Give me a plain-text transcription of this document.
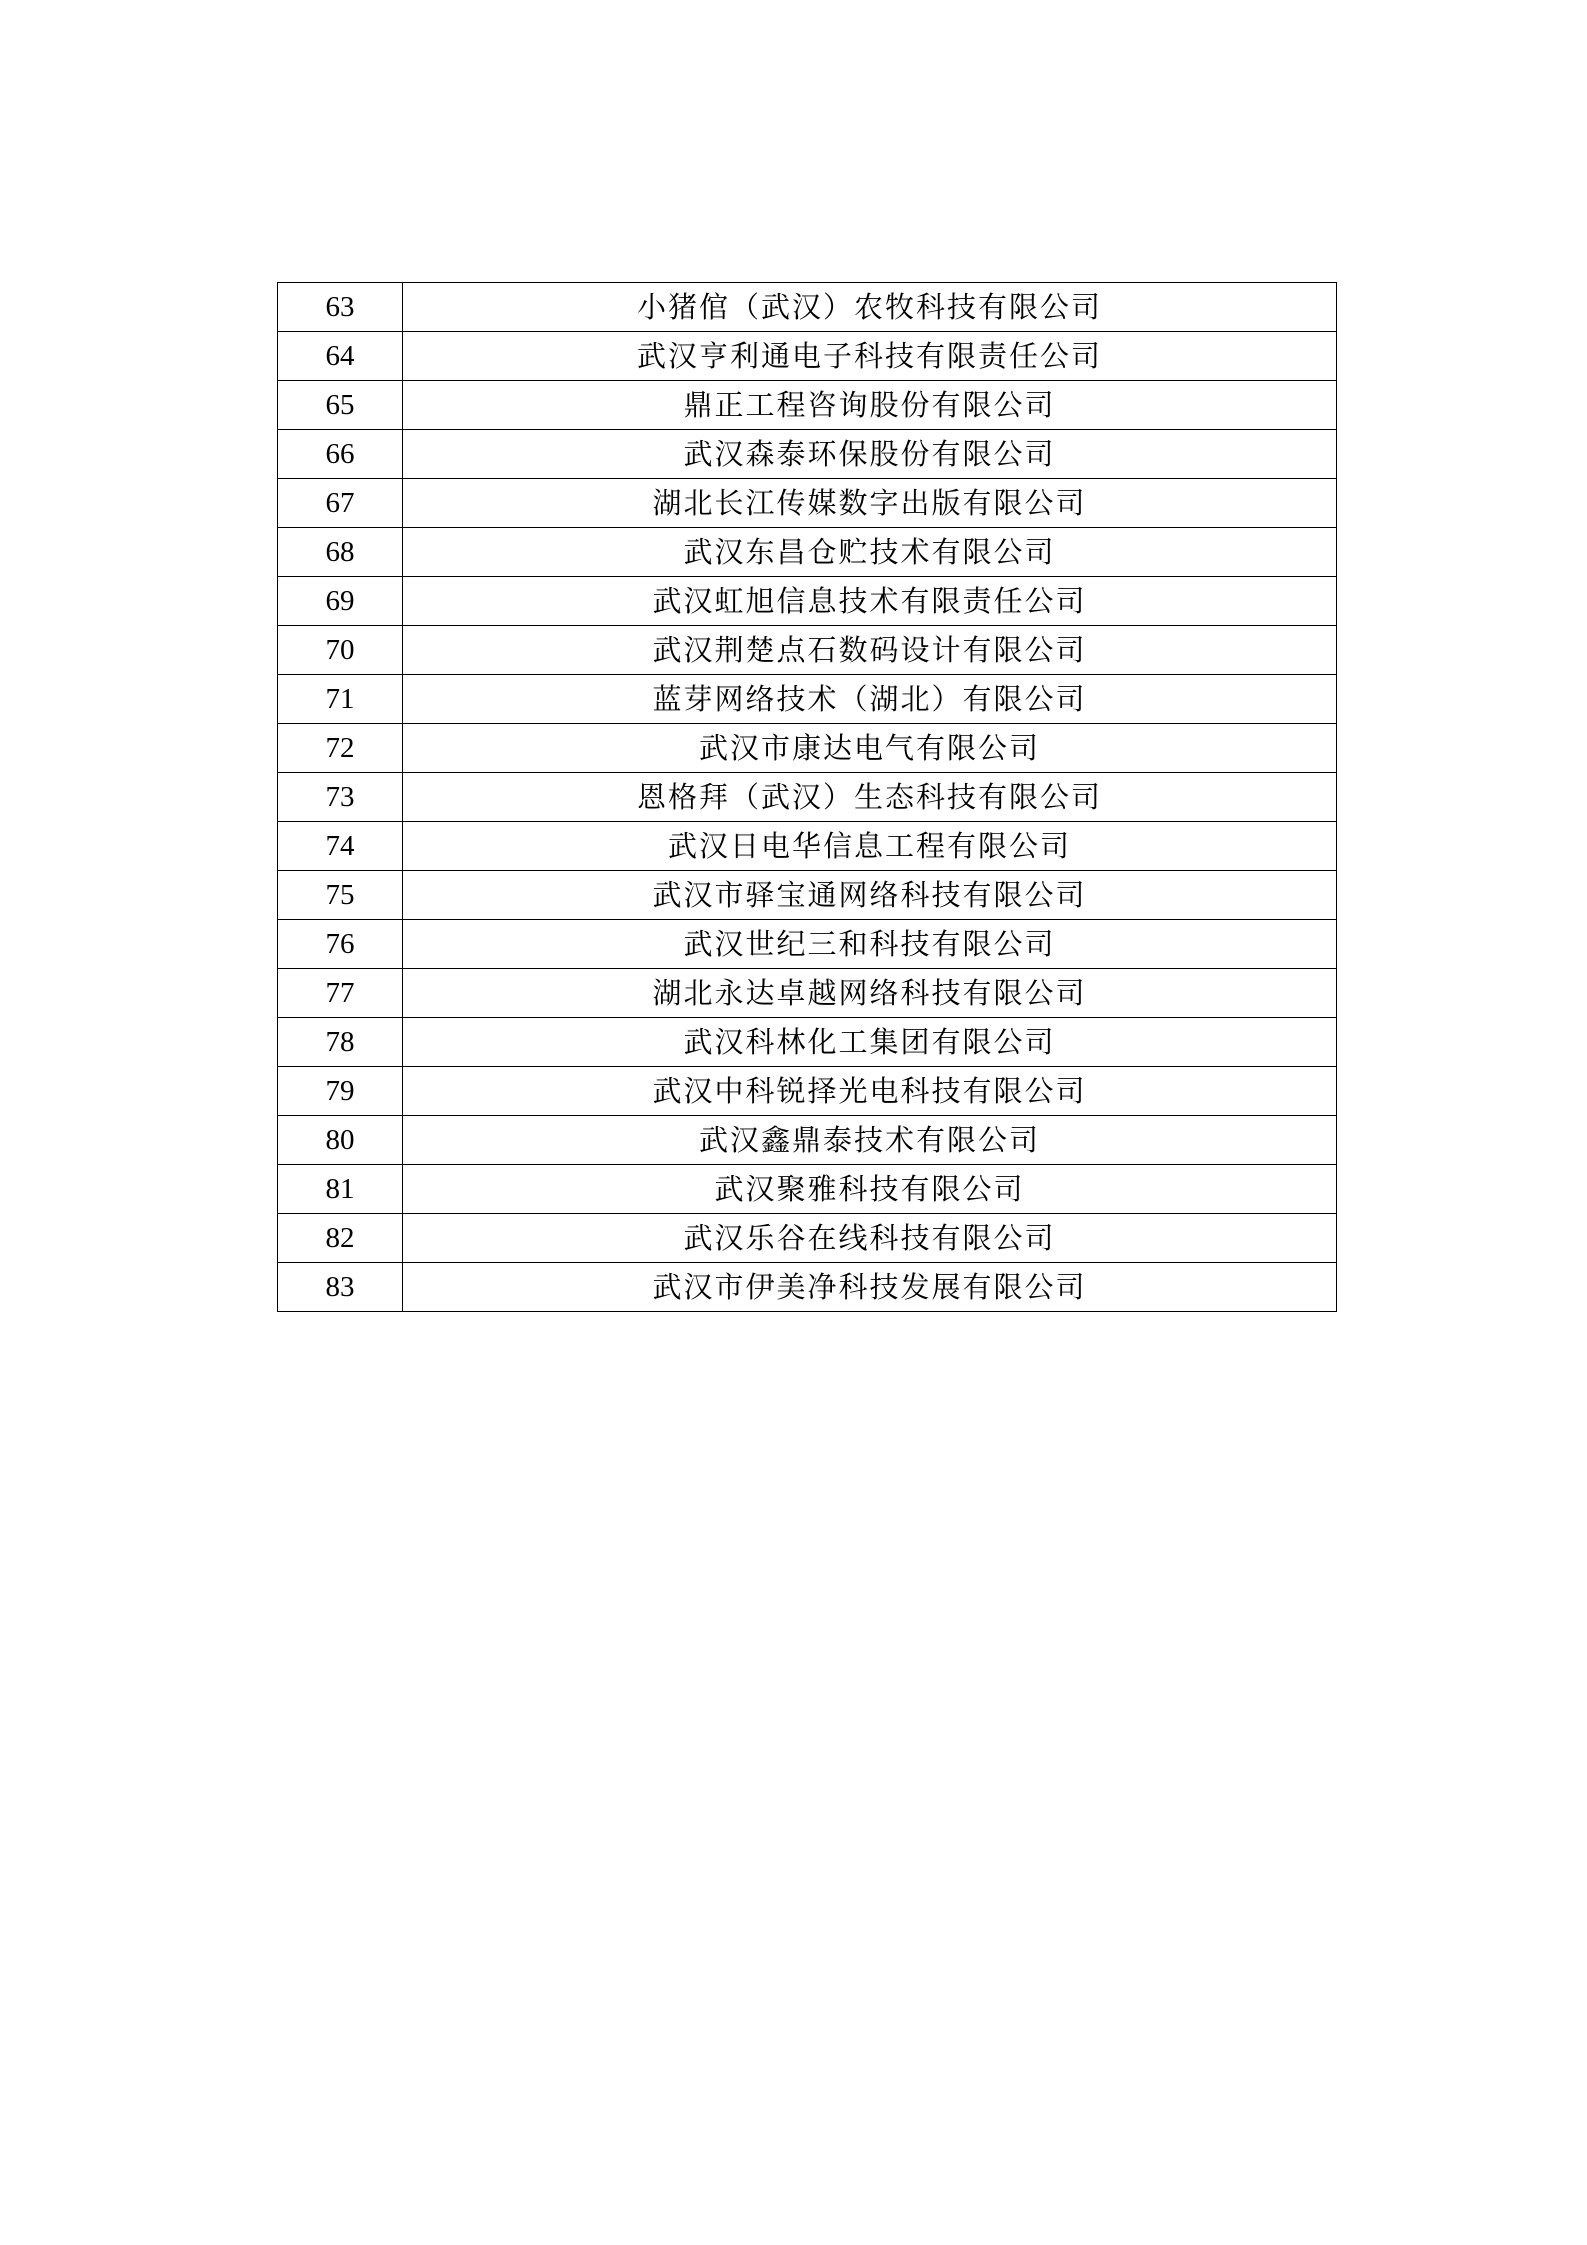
63	小猪倌（武汉）农牧科技有限公司
64	武汉亨利通电子科技有限责任公司
65	鼎正工程咨询股份有限公司
66	武汉森泰环保股份有限公司
67	湖北长江传媒数字出版有限公司
68	武汉东昌仓贮技术有限公司
69	武汉虹旭信息技术有限责任公司
70	武汉荆楚点石数码设计有限公司
71	蓝芽网络技术（湖北）有限公司
72	武汉市康达电气有限公司
73	恩格拜（武汉）生态科技有限公司
74	武汉日电华信息工程有限公司
75	武汉市驿宝通网络科技有限公司
76	武汉世纪三和科技有限公司
77	湖北永达卓越网络科技有限公司
78	武汉科林化工集团有限公司
79	武汉中科锐择光电科技有限公司
80	武汉鑫鼎泰技术有限公司
81	武汉聚雅科技有限公司
82	武汉乐谷在线科技有限公司
83	武汉市伊美净科技发展有限公司
